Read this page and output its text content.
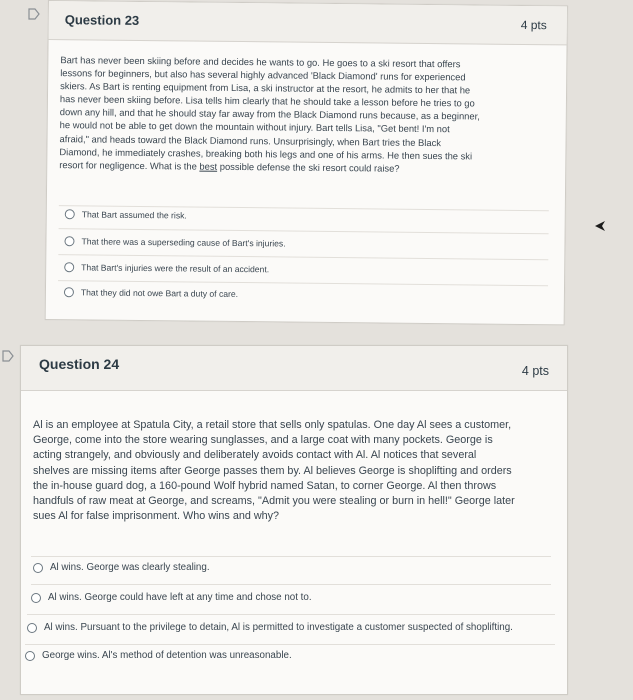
Question 23	4 pts
Bart has never been skiing before and decides he wants to go. He goes to a ski resort that offers
lessons for beginners, but also has several highly advanced 'Black Diamond' runs for experienced
skiers. As Bart is renting equipment from Lisa, a ski instructor at the resort, he admits to her that he
has never been skiing before. Lisa tells him clearly that he should take a lesson before he tries to go
down any hill, and that he should stay far away from the Black Diamond runs because, as a beginner,
he would not be able to get down the mountain without injury. Bart tells Lisa, "Get bent! I'm not
afraid," and heads toward the Black Diamond runs. Unsurprisingly, when Bart tries the Black
Diamond, he immediately crashes, breaking both his legs and one of his arms. He then sues the ski
resort for negligence. What is the best possible defense the ski resort could raise?
That Bart assumed the risk.
That there was a superseding cause of Bart's injuries.
That Bart's injuries were the result of an accident.
That they did not owe Bart a duty of care.
Question 24	4 pts
Al is an employee at Spatula City, a retail store that sells only spatulas. One day Al sees a customer,
George, come into the store wearing sunglasses, and a large coat with many pockets. George is
acting strangely, and obviously and deliberately avoids contact with Al. Al notices that several
shelves are missing items after George passes them by. Al believes George is shoplifting and orders
the in-house guard dog, a 160-pound Wolf hybrid named Satan, to corner George. Al then throws
handfuls of raw meat at George, and screams, "Admit you were stealing or burn in hell!" George later
sues Al for false imprisonment. Who wins and why?
Al wins. George was clearly stealing.
Al wins. George could have left at any time and chose not to.
Al wins. Pursuant to the privilege to detain, Al is permitted to investigate a customer suspected of shoplifting.
George wins. Al's method of detention was unreasonable.
